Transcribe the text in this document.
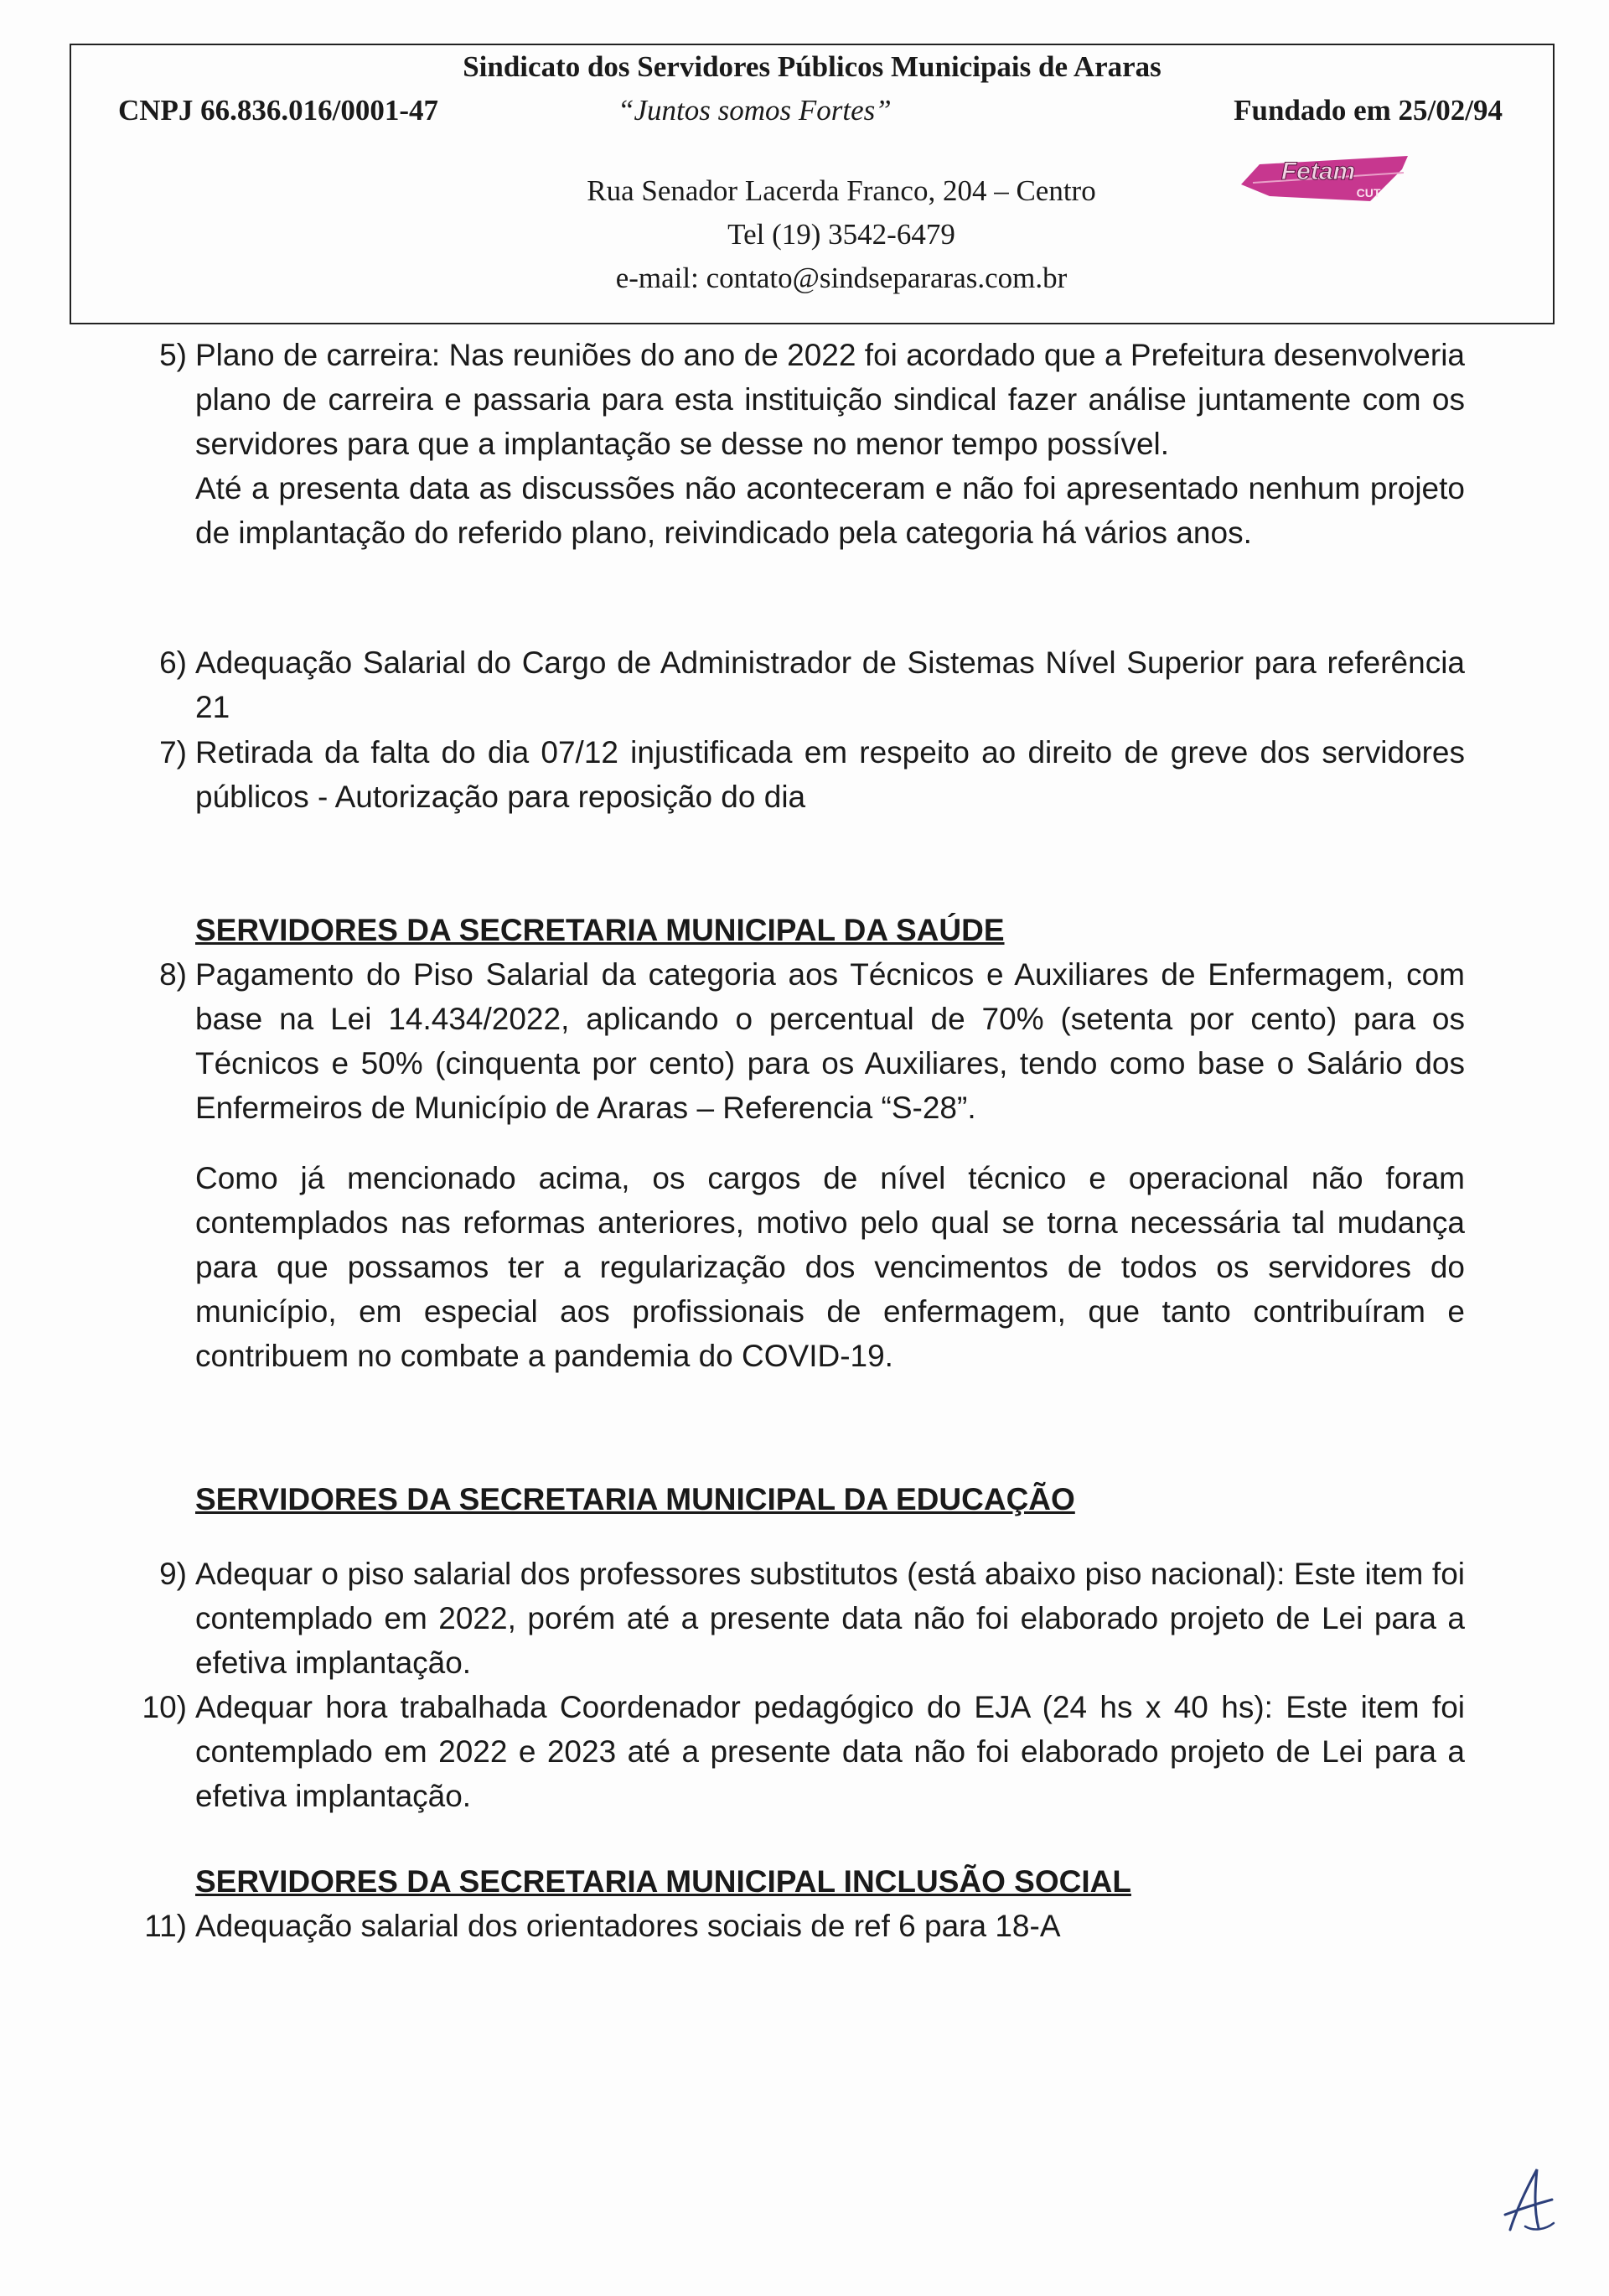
Sindicato dos Servidores Públicos Municipais de Araras
CNPJ 66.836.016/0001-47	“Juntos somos Fortes”	Fundado em 25/02/94
Rua Senador Lacerda Franco, 204 – Centro
Tel (19) 3542-6479
e-mail: contato@sindsepararas.com.br
Fetam
CUT
5) Plano de carreira: Nas reuniões do ano de 2022 foi acordado que a Prefeitura desenvolveria plano de carreira e passaria para esta instituição sindical fazer análise juntamente com os servidores para que a implantação se desse no menor tempo possível.

Até a presenta data as discussões não aconteceram e não foi apresentado nenhum projeto de implantação do referido plano, reivindicado pela categoria há vários anos.

6) Adequação Salarial do Cargo de Administrador de Sistemas Nível Superior para referência 21
7) Retirada da falta do dia 07/12 injustificada em respeito ao direito de greve dos servidores públicos - Autorização para reposição do dia
SERVIDORES DA SECRETARIA MUNICIPAL DA SAÚDE
8) Pagamento do Piso Salarial da categoria aos Técnicos e Auxiliares de Enfermagem, com base na Lei 14.434/2022, aplicando o percentual de 70% (setenta por cento) para os Técnicos e 50% (cinquenta por cento) para os Auxiliares, tendo como base o Salário dos Enfermeiros de Município de Araras – Referencia “S-28”.
Como já mencionado acima, os cargos de nível técnico e operacional não foram contemplados nas reformas anteriores, motivo pelo qual se torna necessária tal mudança para que possamos ter a regularização dos vencimentos de todos os servidores do município, em especial aos profissionais de enfermagem, que tanto contribuíram e contribuem no combate a pandemia do COVID-19.
SERVIDORES DA SECRETARIA MUNICIPAL DA EDUCAÇÃO
9) Adequar o piso salarial dos professores substitutos (está abaixo piso nacional): Este item foi contemplado em 2022, porém até a presente data não foi elaborado projeto de Lei para a efetiva implantação.
10) Adequar hora trabalhada Coordenador pedagógico do EJA (24 hs x 40 hs): Este item foi contemplado em 2022 e 2023 até a presente data não foi elaborado projeto de Lei para a efetiva implantação.
SERVIDORES DA SECRETARIA MUNICIPAL INCLUSÃO SOCIAL
11) Adequação salarial dos orientadores sociais de ref 6 para 18-A
